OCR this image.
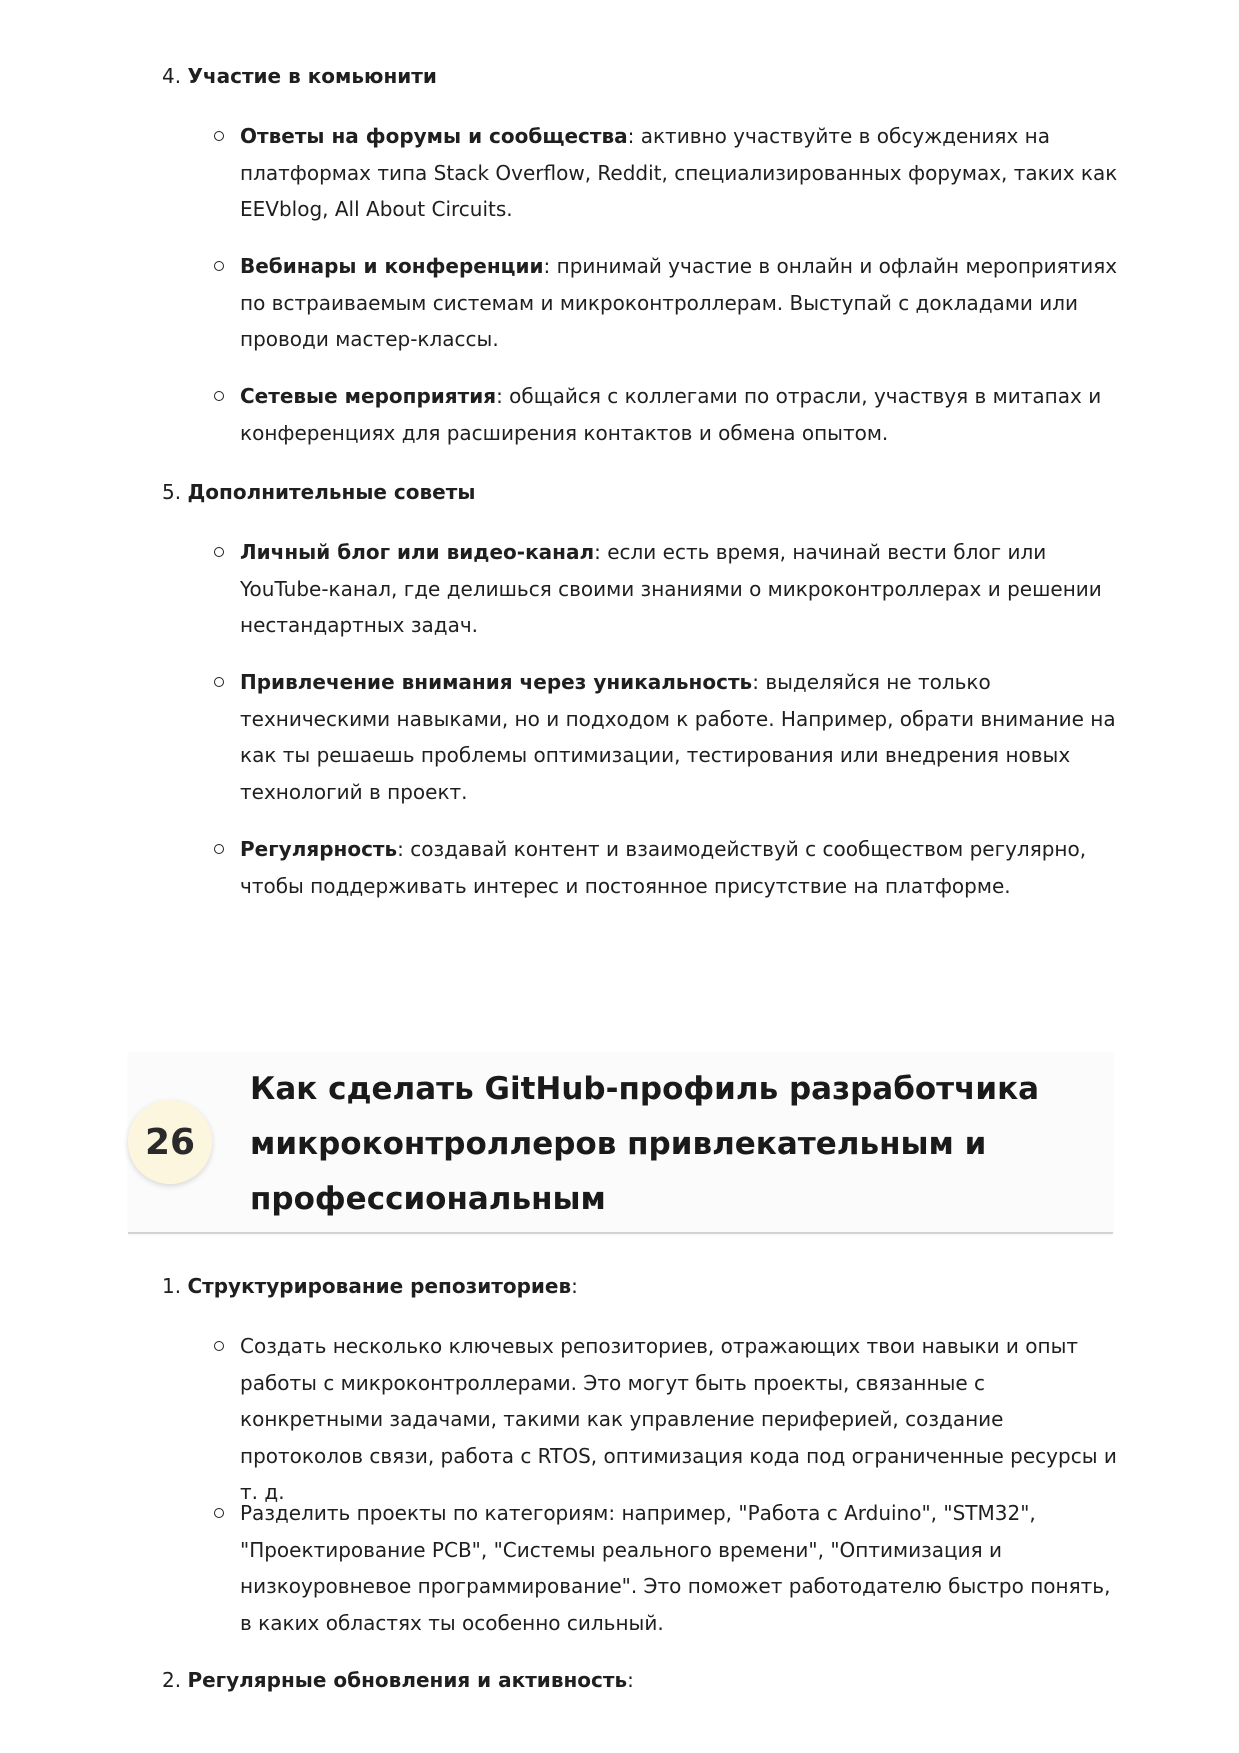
4. Участие в комьюнити
Ответы на форумы и сообщества: активно участвуйте в обсуждениях на платформах типа Stack Overflow, Reddit, специализированных форумах, таких как EEVblog, All About Circuits.
Вебинары и конференции: принимай участие в онлайн и офлайн мероприятиях по встраиваемым системам и микроконтроллерам. Выступай с докладами или проводи мастер-классы.
Сетевые мероприятия: общайся с коллегами по отрасли, участвуя в митапах и конференциях для расширения контактов и обмена опытом.
5. Дополнительные советы
Личный блог или видео-канал: если есть время, начинай вести блог или YouTube-канал, где делишься своими знаниями о микроконтроллерах и решении нестандартных задач.
Привлечение внимания через уникальность: выделяйся не только техническими навыками, но и подходом к работе. Например, обрати внимание на как ты решаешь проблемы оптимизации, тестирования или внедрения новых технологий в проект.
Регулярность: создавай контент и взаимодействуй с сообществом регулярно, чтобы поддерживать интерес и постоянное присутствие на платформе.
26
Как сделать GitHub-профиль разработчика микроконтроллеров привлекательным и профессиональным
1. Структурирование репозиториев:
Создать несколько ключевых репозиториев, отражающих твои навыки и опыт работы с микроконтроллерами. Это могут быть проекты, связанные с конкретными задачами, такими как управление периферией, создание протоколов связи, работа с RTOS, оптимизация кода под ограниченные ресурсы и т. д.
Разделить проекты по категориям: например, "Работа с Arduino", "STM32", "Проектирование PCB", "Системы реального времени", "Оптимизация и низкоуровневое программирование". Это поможет работодателю быстро понять, в каких областях ты особенно сильный.
2. Регулярные обновления и активность:
